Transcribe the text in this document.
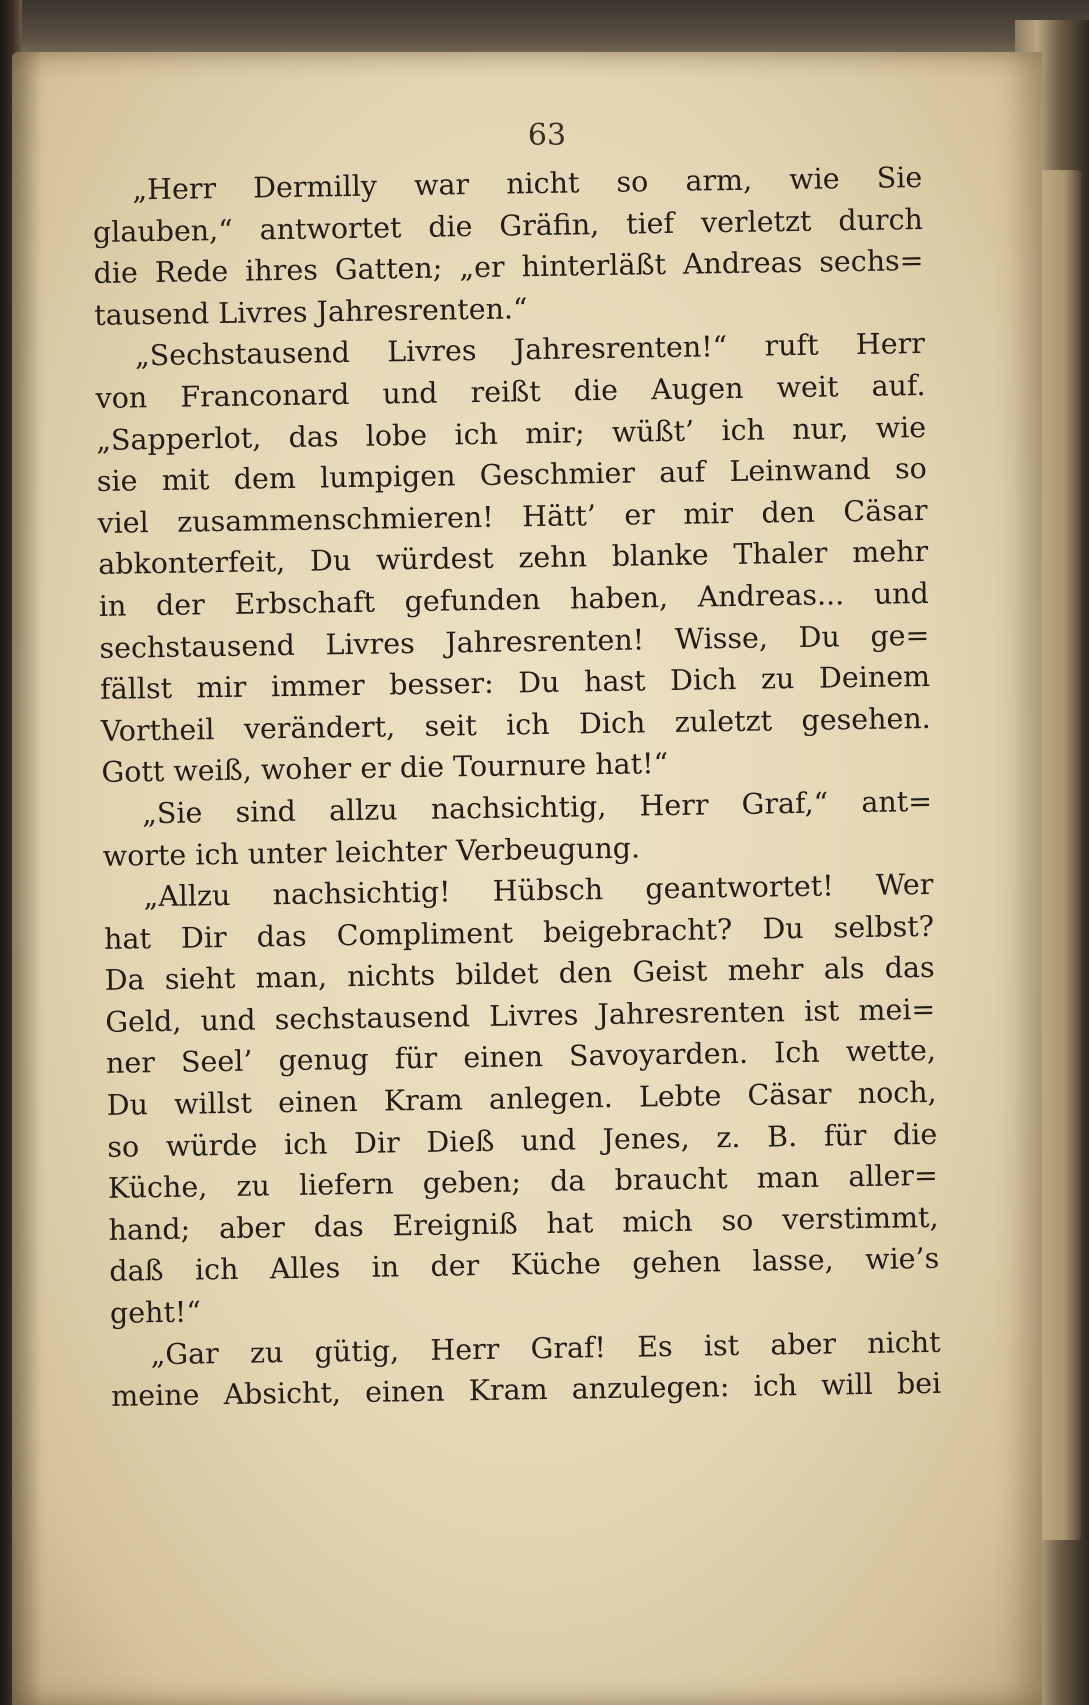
63
„Herr Dermilly war nicht so arm, wie Sie
glauben,“ antwortet die Gräfin, tief verletzt durch
die Rede ihres Gatten; „er hinterläßt Andreas sechs=
tausend Livres Jahresrenten.“
„Sechstausend Livres Jahresrenten!“ ruft Herr
von Franconard und reißt die Augen weit auf.
„Sapperlot, das lobe ich mir; wüßt’ ich nur, wie
sie mit dem lumpigen Geschmier auf Leinwand so
viel zusammenschmieren! Hätt’ er mir den Cäsar
abkonterfeit, Du würdest zehn blanke Thaler mehr
in der Erbschaft gefunden haben, Andreas... und
sechstausend Livres Jahresrenten! Wisse, Du ge=
fällst mir immer besser: Du hast Dich zu Deinem
Vortheil verändert, seit ich Dich zuletzt gesehen.
Gott weiß, woher er die Tournure hat!“
„Sie sind allzu nachsichtig, Herr Graf,“ ant=
worte ich unter leichter Verbeugung.
„Allzu nachsichtig! Hübsch geantwortet! Wer
hat Dir das Compliment beigebracht? Du selbst?
Da sieht man, nichts bildet den Geist mehr als das
Geld, und sechstausend Livres Jahresrenten ist mei=
ner Seel’ genug für einen Savoyarden. Ich wette,
Du willst einen Kram anlegen. Lebte Cäsar noch,
so würde ich Dir Dieß und Jenes, z. B. für die
Küche, zu liefern geben; da braucht man aller=
hand; aber das Ereigniß hat mich so verstimmt,
daß ich Alles in der Küche gehen lasse, wie’s
geht!“
„Gar zu gütig, Herr Graf! Es ist aber nicht
meine Absicht, einen Kram anzulegen: ich will bei
